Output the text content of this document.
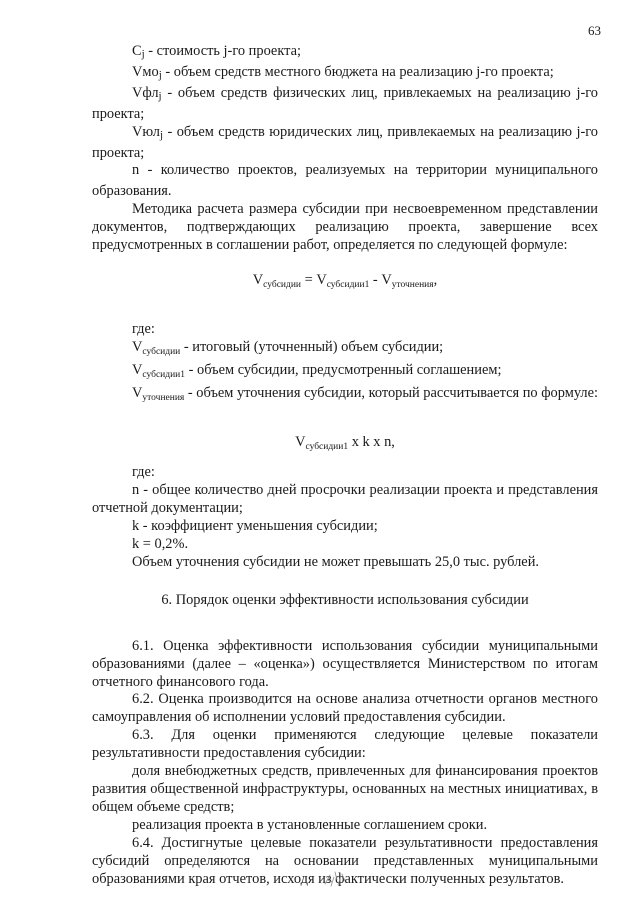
63

Cj - стоимость j-го проекта;

Vмоj - объем средств местного бюджета на реализацию j-го проекта;

Vфлj - объем средств физических лиц, привлекаемых на реализацию j-го проекта;

Vюлj - объем средств юридических лиц, привлекаемых на реализацию j-го проекта;

n - количество проектов, реализуемых на территории муниципального образования.

Методика расчета размера субсидии при несвоевременном представлении документов, подтверждающих реализацию проекта, завершение всех предусмотренных в соглашении работ, определяется по следующей формуле:

$V_{субсидии} = V_{субсидии1} - V_{уточнения}$,

где:

$V_{субсидии}$ - итоговый (уточненный) объем субсидии;

$V_{субсидии1}$ - объем субсидии, предусмотренный соглашением;

$V_{уточнения}$ - объем уточнения субсидии, который рассчитывается по формуле:

$V_{субсидии1}$ x k x n,

где:

n - общее количество дней просрочки реализации проекта и представления отчетной документации;

k - коэффициент уменьшения субсидии;

k = 0,2%.

Объем уточнения субсидии не может превышать 25,0 тыс. рублей.

6. Порядок оценки эффективности использования субсидии

6.1. Оценка эффективности использования субсидии муниципальными образованиями (далее – «оценка») осуществляется Министерством по итогам отчетного финансового года.

6.2. Оценка производится на основе анализа отчетности органов местного самоуправления об исполнении условий предоставления субсидии.

6.3. Для оценки применяются следующие целевые показатели результативности предоставления субсидии:

доля внебюджетных средств, привлеченных для финансирования проектов развития общественной инфраструктуры, основанных на местных инициативах, в общем объеме средств;

реализация проекта в установленные соглашением сроки.

6.4. Достигнутые целевые показатели результативности предоставления субсидий определяются на основании представленных муниципальными образованиями края отчетов, исходя из фактически полученных результатов.
